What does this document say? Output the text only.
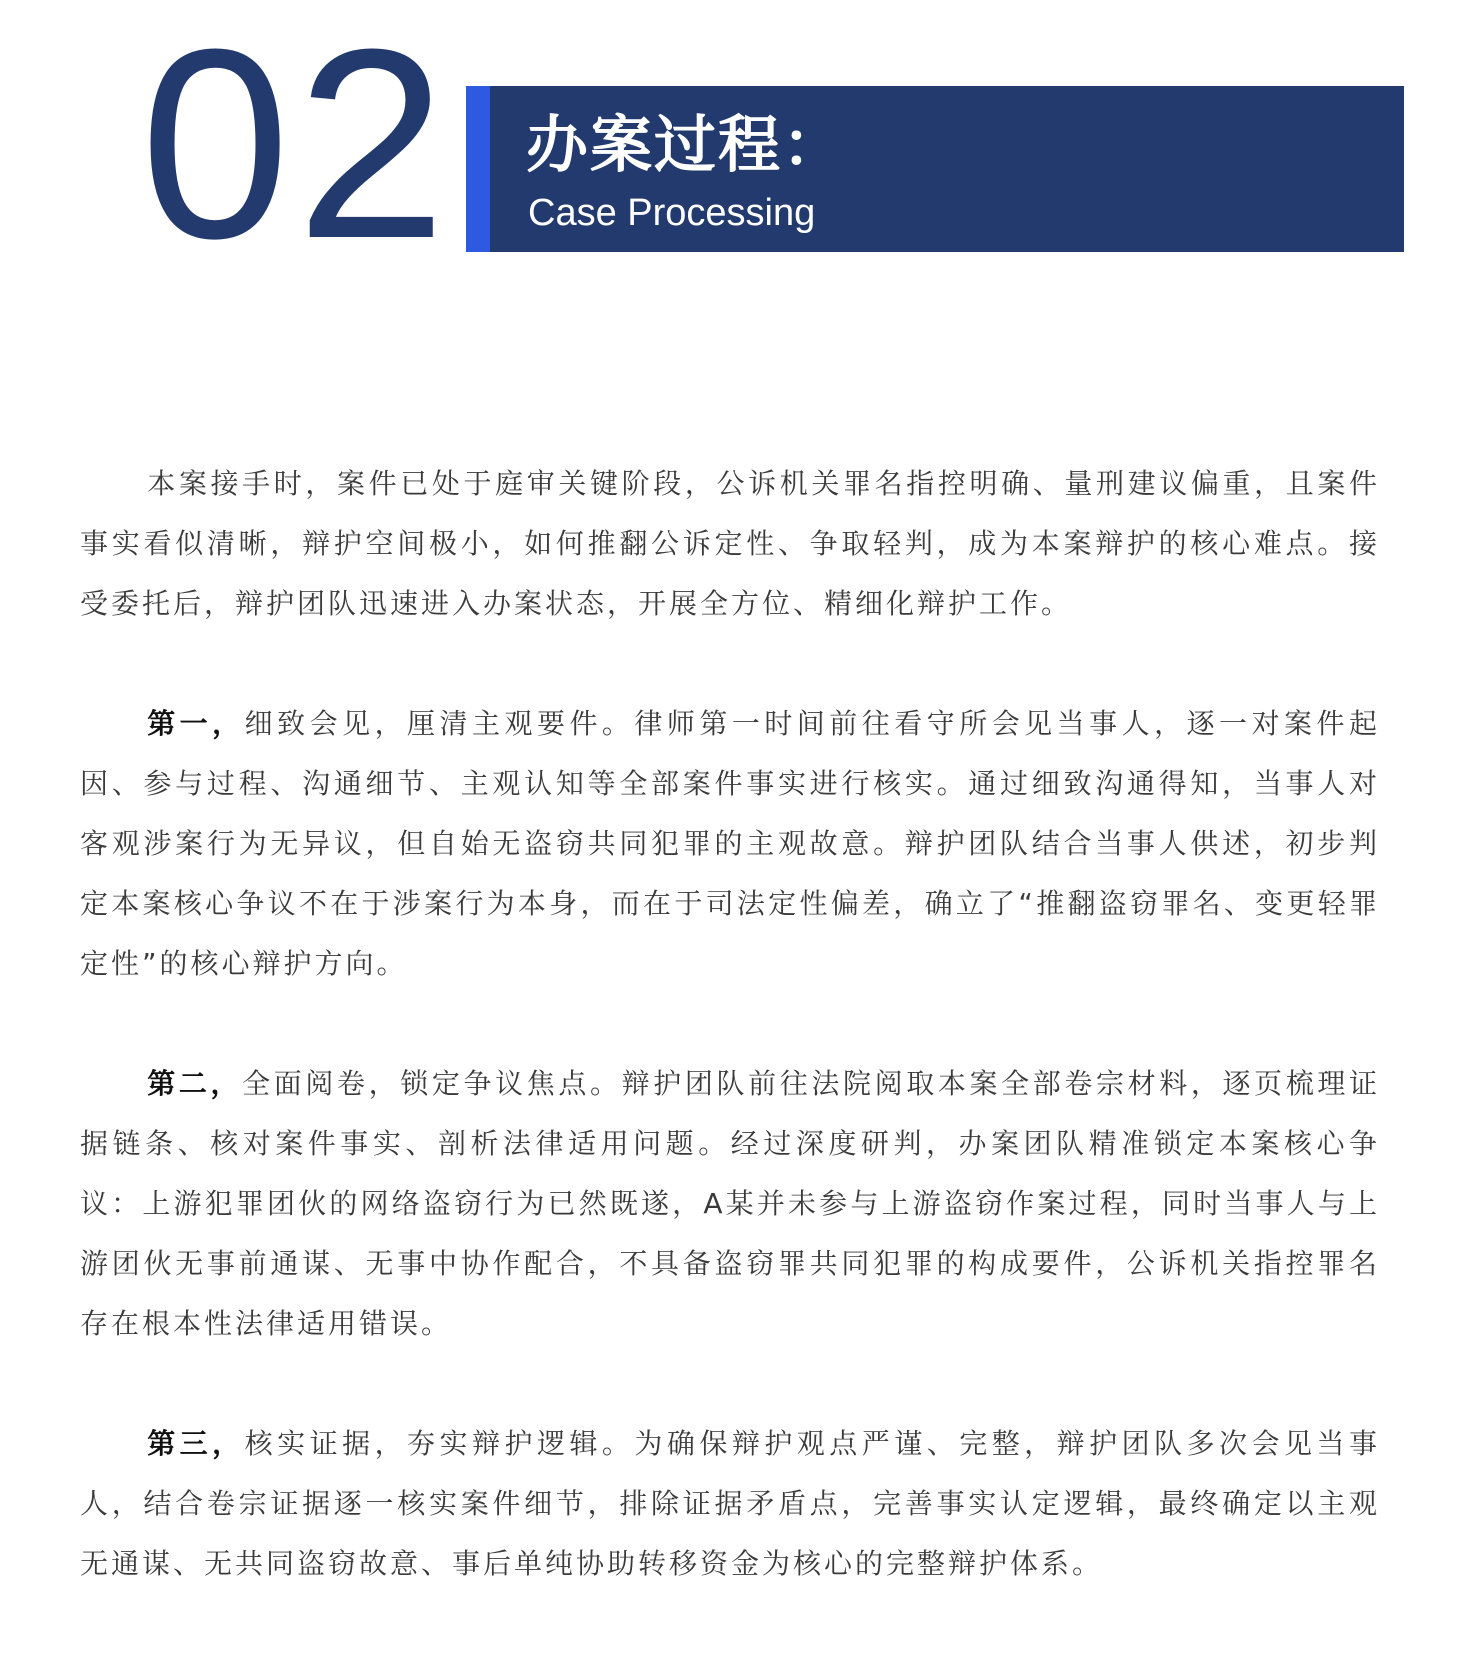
02 办案过程：
Case Processing

本案接手时，案件已处于庭审关键阶段，公诉机关罪名指控明确、量刑建议偏重，且案件事实看似清晰，辩护空间极小，如何推翻公诉定性、争取轻判，成为本案辩护的核心难点。接受委托后，辩护团队迅速进入办案状态，开展全方位、精细化辩护工作。

第一，细致会见，厘清主观要件。律师第一时间前往看守所会见当事人，逐一对案件起因、参与过程、沟通细节、主观认知等全部案件事实进行核实。通过细致沟通得知，当事人对客观涉案行为无异议，但自始无盗窃共同犯罪的主观故意。辩护团队结合当事人供述，初步判定本案核心争议不在于涉案行为本身，而在于司法定性偏差，确立了“推翻盗窃罪名、变更轻罪定性”的核心辩护方向。

第二，全面阅卷，锁定争议焦点。辩护团队前往法院阅取本案全部卷宗材料，逐页梳理证据链条、核对案件事实、剖析法律适用问题。经过深度研判，办案团队精准锁定本案核心争议：上游犯罪团伙的网络盗窃行为已然既遂，A某并未参与上游盗窃作案过程，同时当事人与上游团伙无事前通谋、无事中协作配合，不具备盗窃罪共同犯罪的构成要件，公诉机关指控罪名存在根本性法律适用错误。

第三，核实证据，夯实辩护逻辑。为确保辩护观点严谨、完整，辩护团队多次会见当事人，结合卷宗证据逐一核实案件细节，排除证据矛盾点，完善事实认定逻辑，最终确定以主观无通谋、无共同盗窃故意、事后单纯协助转移资金为核心的完整辩护体系。
